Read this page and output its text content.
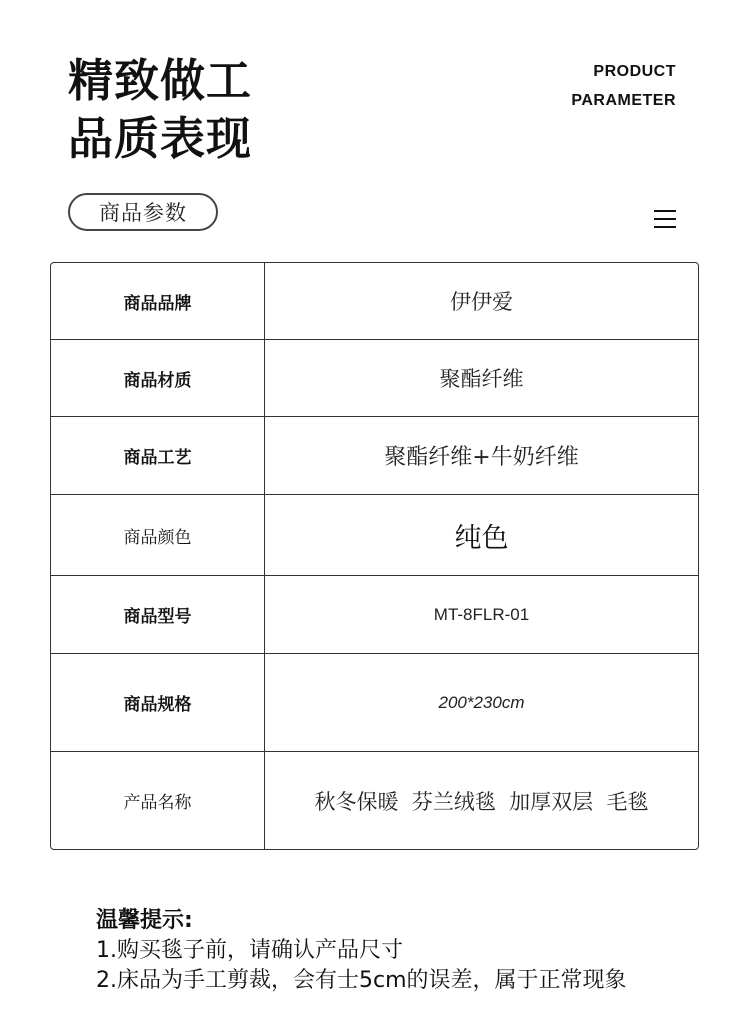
精致做工
品质表现
PRODUCT
PARAMETER
商品参数
商品品牌	伊伊爱
商品材质	聚酯纤维
商品工艺	聚酯纤维+牛奶纤维
商品颜色	纯色
商品型号	MT-8FLR-01
商品规格	200*230cm
产品名称	秋冬保暖  芬兰绒毯  加厚双层  毛毯
温馨提示:
1.购买毯子前，请确认产品尺寸
2.床品为手工剪裁，会有士5cm的误差，属于正常现象
